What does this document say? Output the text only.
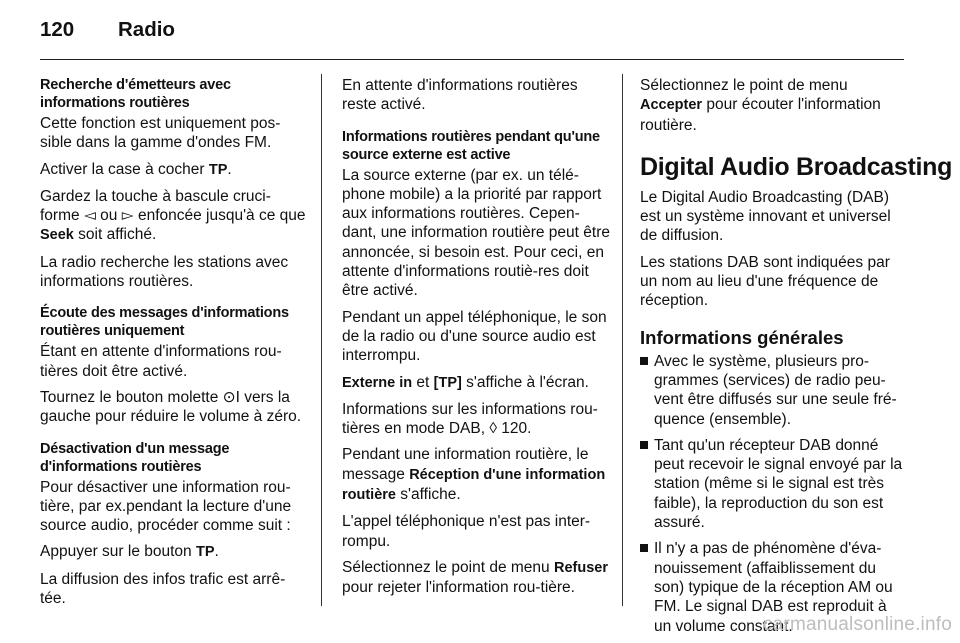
120 Radio
Recherche d'émetteurs avec informations routières

Cette fonction est uniquement pos-sible dans la gamme d'ondes FM.

Activer la case à cocher TP.

Gardez la touche à bascule cruci-forme ◅ ou ▻ enfoncée jusqu'à ce que Seek soit affiché.

La radio recherche les stations avec informations routières.

Écoute des messages d'informations routières uniquement

Étant en attente d'informations rou-tières doit être activé.

Tournez le bouton molette ⊙I vers la gauche pour réduire le volume à zéro.

Désactivation d'un message d'informations routières

Pour désactiver une information rou-tière, par ex.pendant la lecture d'une source audio, procéder comme suit :

Appuyer sur le bouton TP.

La diffusion des infos trafic est arrê-tée.

En attente d'informations routières reste activé.

Informations routières pendant qu'une source externe est active

La source externe (par ex. un télé-phone mobile) a la priorité par rapport aux informations routières. Cepen-dant, une information routière peut être annoncée, si besoin est. Pour ceci, en attente d'informations routiè-res doit être activé.

Pendant un appel téléphonique, le son de la radio ou d'une source audio est interrompu.

Externe in et [TP] s'affiche à l'écran.

Informations sur les informations rou-tières en mode DAB, ◊ 120.

Pendant une information routière, le message Réception d'une information routière s'affiche.

L'appel téléphonique n'est pas inter-rompu.

Sélectionnez le point de menu Refuser pour rejeter l'information rou-tière.

Sélectionnez le point de menu Accepter pour écouter l'information routière.

Digital Audio Broadcasting

Le Digital Audio Broadcasting (DAB) est un système innovant et universel de diffusion.

Les stations DAB sont indiquées par un nom au lieu d'une fréquence de réception.

Informations générales
Avec le système, plusieurs pro-grammes (services) de radio peu-vent être diffusés sur une seule fré-quence (ensemble).
Tant qu'un récepteur DAB donné peut recevoir le signal envoyé par la station (même si le signal est très faible), la reproduction du son est assuré.
Il n'y a pas de phénomène d'éva-nouissement (affaiblissement du son) typique de la réception AM ou FM. Le signal DAB est reproduit à un volume constant.
carmanualsonline.info
